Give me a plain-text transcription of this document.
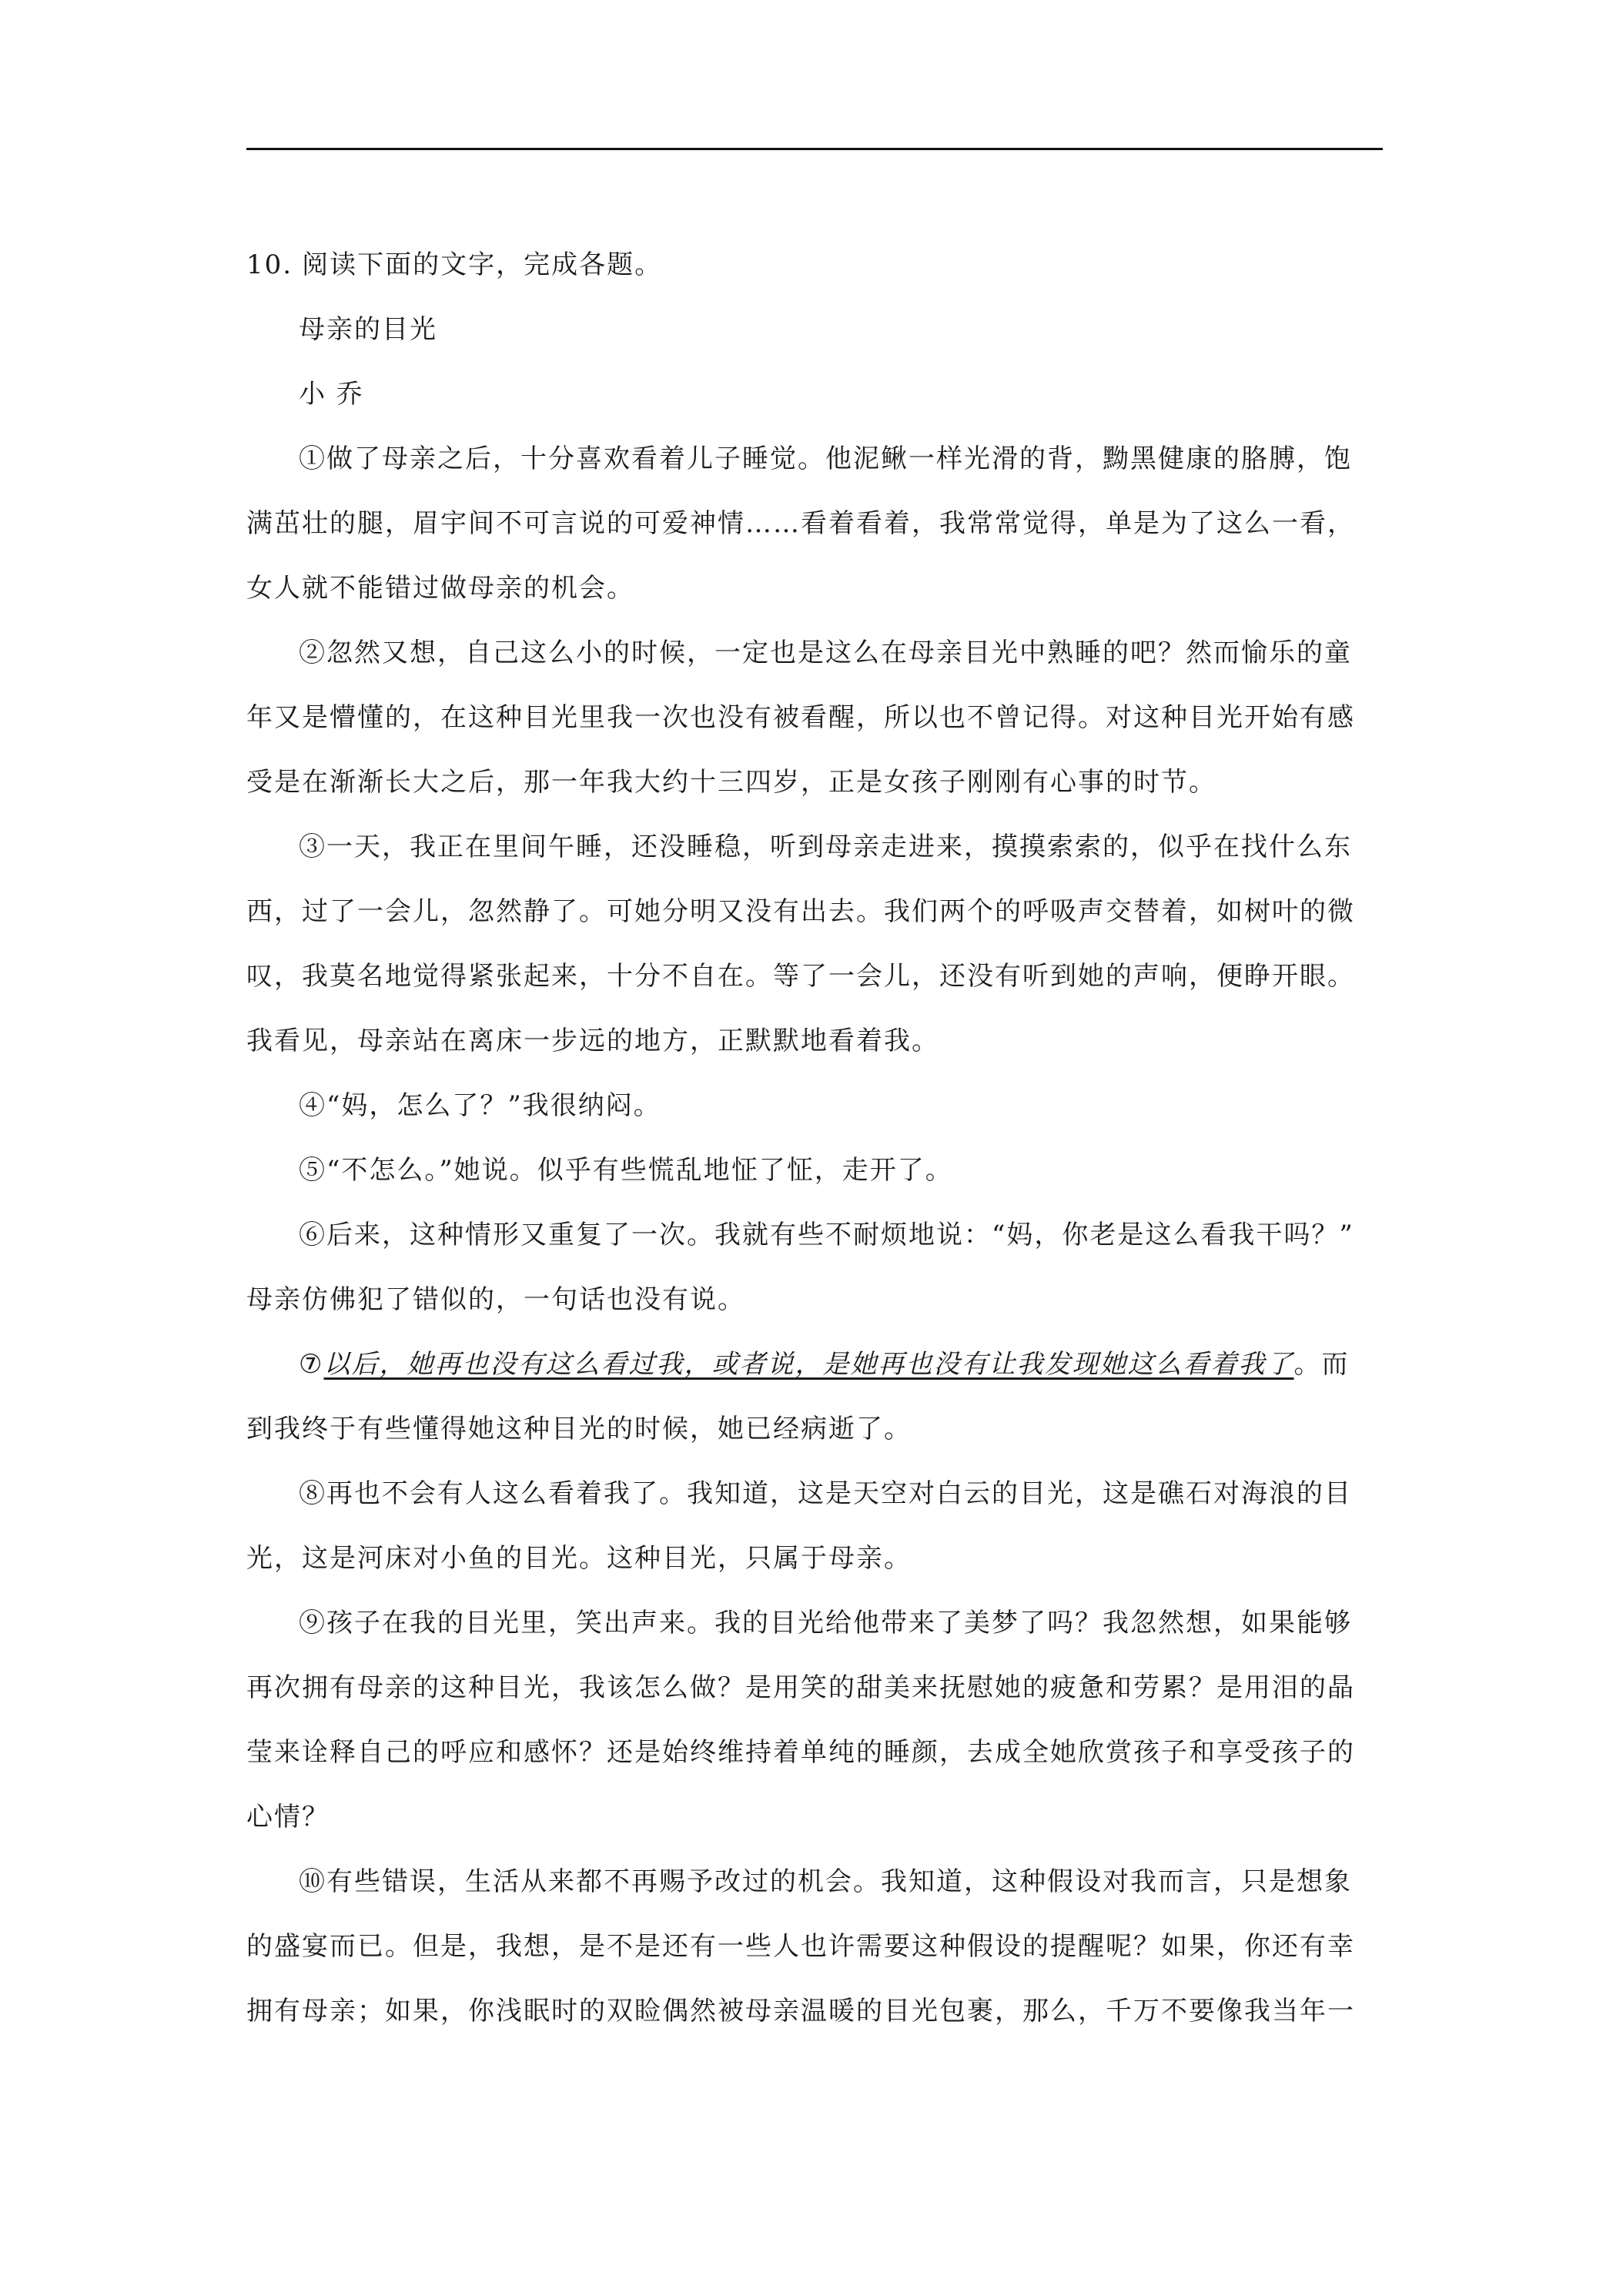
10. 阅读下面的文字，完成各题。
母亲的目光
小 乔
①做了母亲之后，十分喜欢看着儿子睡觉。他泥鳅一样光滑的背，黝黑健康的胳膊，饱
满茁壮的腿，眉宇间不可言说的可爱神情……看着看着，我常常觉得，单是为了这么一看，
女人就不能错过做母亲的机会。
②忽然又想，自己这么小的时候，一定也是这么在母亲目光中熟睡的吧？然而愉乐的童
年又是懵懂的，在这种目光里我一次也没有被看醒，所以也不曾记得。对这种目光开始有感
受是在渐渐长大之后，那一年我大约十三四岁，正是女孩子刚刚有心事的时节。
③一天，我正在里间午睡，还没睡稳，听到母亲走进来，摸摸索索的，似乎在找什么东
西，过了一会儿，忽然静了。可她分明又没有出去。我们两个的呼吸声交替着，如树叶的微
叹，我莫名地觉得紧张起来，十分不自在。等了一会儿，还没有听到她的声响，便睁开眼。
我看见，母亲站在离床一步远的地方，正默默地看着我。
④“妈，怎么了？”我很纳闷。
⑤“不怎么。”她说。似乎有些慌乱地怔了怔，走开了。
⑥后来，这种情形又重复了一次。我就有些不耐烦地说：“妈，你老是这么看我干吗？”
母亲仿佛犯了错似的，一句话也没有说。
⑦以后，她再也没有这么看过我，或者说，是她再也没有让我发现她这么看着我了。而
到我终于有些懂得她这种目光的时候，她已经病逝了。
⑧再也不会有人这么看着我了。我知道，这是天空对白云的目光，这是礁石对海浪的目
光，这是河床对小鱼的目光。这种目光，只属于母亲。
⑨孩子在我的目光里，笑出声来。我的目光给他带来了美梦了吗？我忽然想，如果能够
再次拥有母亲的这种目光，我该怎么做？是用笑的甜美来抚慰她的疲惫和劳累？是用泪的晶
莹来诠释自己的呼应和感怀？还是始终维持着单纯的睡颜，去成全她欣赏孩子和享受孩子的
心情？
⑩有些错误，生活从来都不再赐予改过的机会。我知道，这种假设对我而言，只是想象
的盛宴而已。但是，我想，是不是还有一些人也许需要这种假设的提醒呢？如果，你还有幸
拥有母亲；如果，你浅眠时的双睑偶然被母亲温暖的目光包裹，那么，千万不要像我当年一
